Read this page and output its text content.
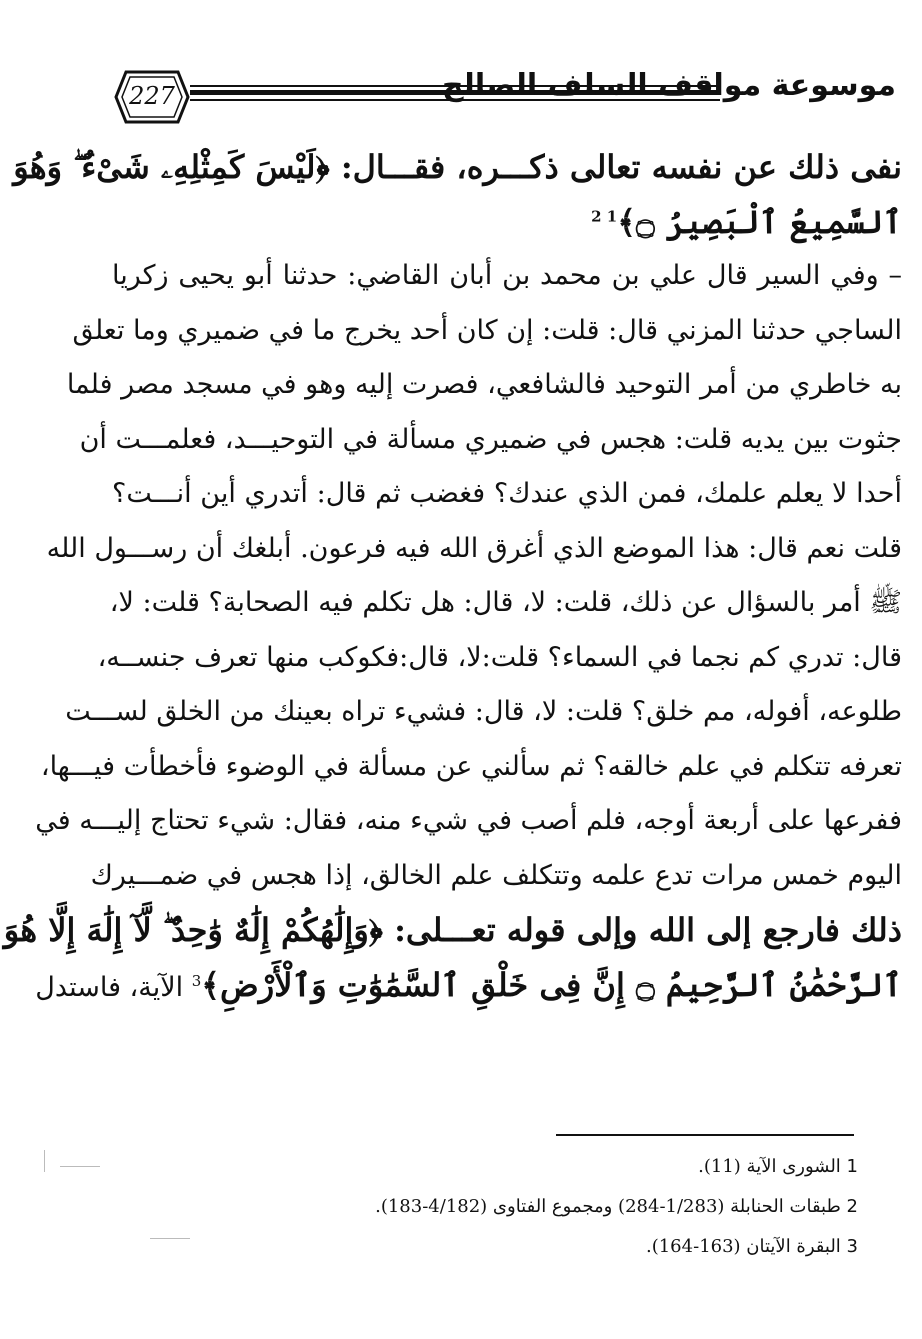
227	موسوعة مواقف السلف الصالح
نفى ذلك عن نفسه تعالى ذكـــره، فقـــال: ﴿لَيْسَ كَمِثْلِهِۦ شَىْءٌ ۖ وَهُوَ
ٱلسَّمِيعُ ٱلْبَصِيرُ ۝﴾$^{1 2}$
– وفي السير قال علي بن محمد بن أبان القاضي: حدثنا أبو يحيى زكريا
الساجي حدثنا المزني قال: قلت: إن كان أحد يخرج ما في ضميري وما تعلق
به خاطري من أمر التوحيد فالشافعي، فصرت إليه وهو في مسجد مصر فلما
جثوت بين يديه قلت: هجس في ضميري مسألة في التوحيـــد، فعلمـــت أن
أحدا لا يعلم علمك، فمن الذي عندك؟ فغضب ثم قال: أتدري أين أنـــت؟
قلت نعم قال: هذا الموضع الذي أغرق الله فيه فرعون. أبلغك أن رســـول الله
ﷺ أمر بالسؤال عن ذلك، قلت: لا، قال: هل تكلم فيه الصحابة؟ قلت: لا،
قال: تدري كم نجما في السماء؟ قلت:لا، قال:فكوكب منها تعرف جنســه،
طلوعه، أفوله، مم خلق؟ قلت: لا، قال: فشيء تراه بعينك من الخلق لســـت
تعرفه تتكلم في علم خالقه؟ ثم سألني عن مسألة في الوضوء فأخطأت فيـــها،
ففرعها على أربعة أوجه، فلم أصب في شيء منه، فقال: شيء تحتاج إليـــه في
اليوم خمس مرات تدع علمه وتتكلف علم الخالق، إذا هجس في ضمـــيرك
ذلك فارجع إلى الله وإلى قوله تعـــلى: ﴿وَإِلَٰهُكُمْ إِلَٰهٌ وَٰحِدٌ ۖ لَّآ إِلَٰهَ إِلَّا هُوَ
ٱلرَّحْمَٰنُ ٱلرَّحِيمُ ۝ إِنَّ فِى خَلْقِ ٱلسَّمَٰوَٰتِ وَٱلْأَرْضِ﴾$^3$ الآية، فاستدل
1 الشورى الآية (11).
2 طبقات الحنابلة (1/283-284) ومجموع الفتاوى (4/182-183).
3 البقرة الآيتان (163-164).
